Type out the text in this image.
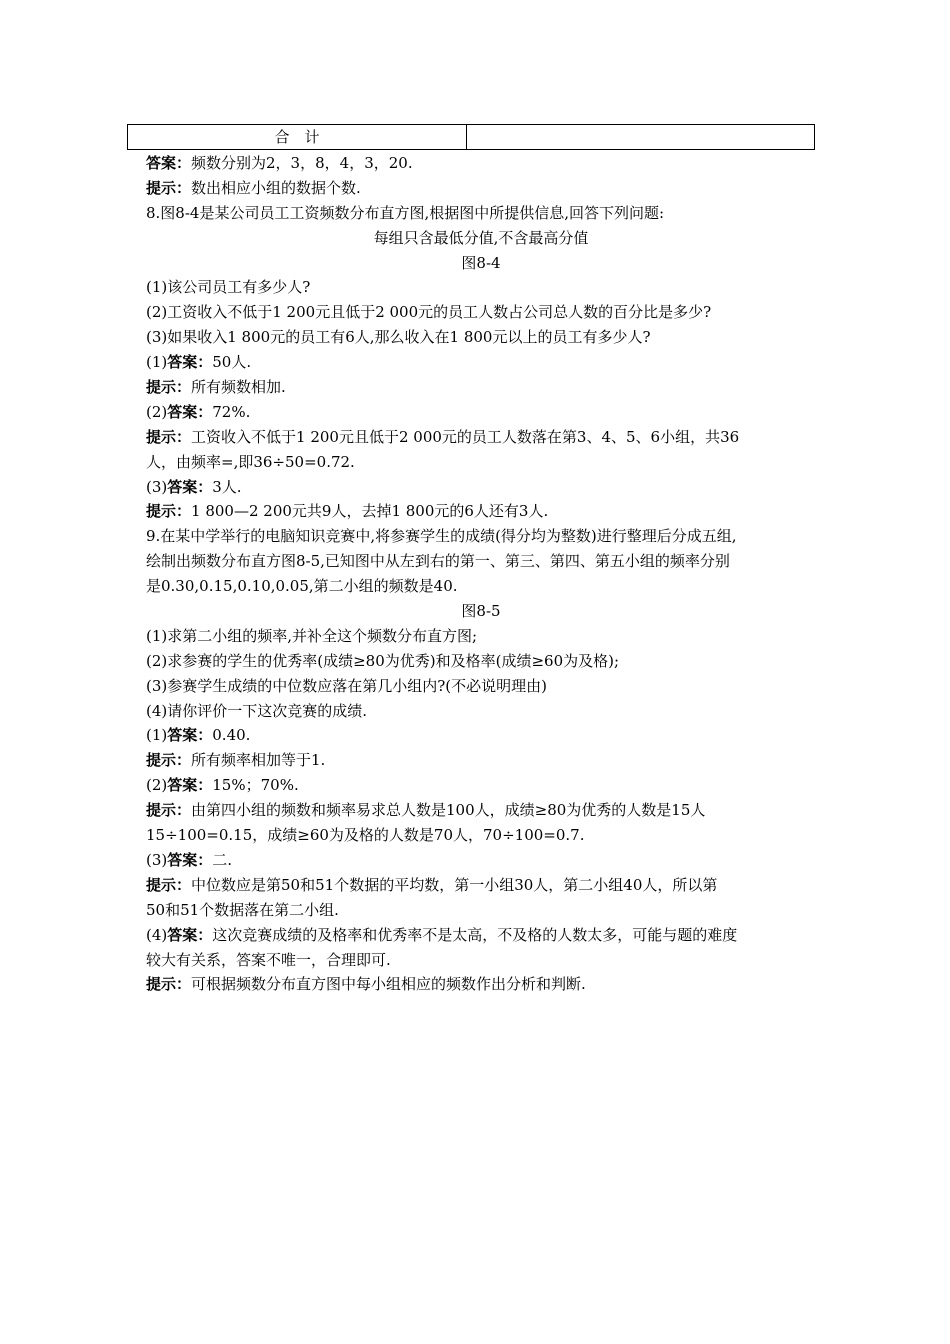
合　计
答案：频数分别为2，3，8，4，3，20.
提示：数出相应小组的数据个数.
8.图8-4是某公司员工工资频数分布直方图,根据图中所提供信息,回答下列问题:
每组只含最低分值,不含最高分值
图8-4
(1)该公司员工有多少人?
(2)工资收入不低于1 200元且低于2 000元的员工人数占公司总人数的百分比是多少?
(3)如果收入1 800元的员工有6人,那么收入在1 800元以上的员工有多少人?
(1)答案：50人.
提示：所有频数相加.
(2)答案：72%.
提示：工资收入不低于1 200元且低于2 000元的员工人数落在第3、4、5、6小组，共36
人，由频率=,即36÷50=0.72.
(3)答案：3人.
提示：1 800—2 200元共9人，去掉1 800元的6人还有3人.
9.在某中学举行的电脑知识竞赛中,将参赛学生的成绩(得分均为整数)进行整理后分成五组,
绘制出频数分布直方图8-5,已知图中从左到右的第一、第三、第四、第五小组的频率分别
是0.30,0.15,0.10,0.05,第二小组的频数是40.
图8-5
(1)求第二小组的频率,并补全这个频数分布直方图;
(2)求参赛的学生的优秀率(成绩≥80为优秀)和及格率(成绩≥60为及格);
(3)参赛学生成绩的中位数应落在第几小组内?(不必说明理由)
(4)请你评价一下这次竞赛的成绩.
(1)答案：0.40.
提示：所有频率相加等于1.
(2)答案：15%；70%.
提示：由第四小组的频数和频率易求总人数是100人，成绩≥80为优秀的人数是15人
15÷100=0.15，成绩≥60为及格的人数是70人，70÷100=0.7.
(3)答案：二.
提示：中位数应是第50和51个数据的平均数，第一小组30人，第二小组40人，所以第
50和51个数据落在第二小组.
(4)答案：这次竞赛成绩的及格率和优秀率不是太高，不及格的人数太多，可能与题的难度
较大有关系，答案不唯一，合理即可.
提示：可根据频数分布直方图中每小组相应的频数作出分析和判断.
